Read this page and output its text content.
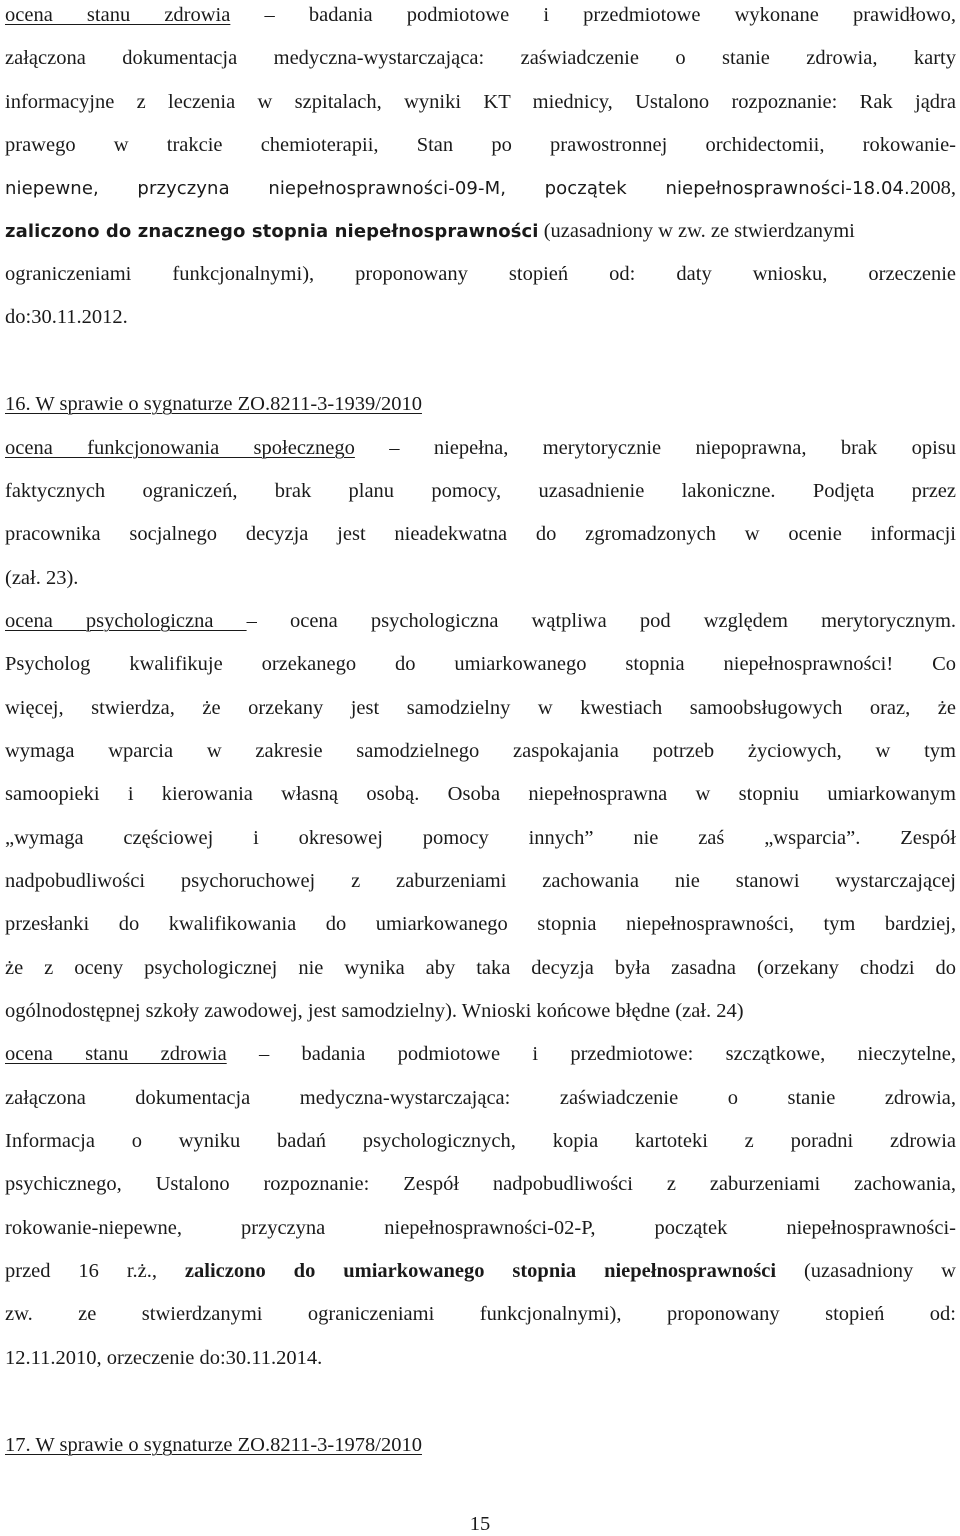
ocena stanu zdrowia – badania podmiotowe i przedmiotowe wykonane prawidłowo,
załączona dokumentacja medyczna-wystarczająca: zaświadczenie o stanie zdrowia, karty
informacyjne z leczenia w szpitalach, wyniki KT miednicy, Ustalono rozpoznanie: Rak jądra
prawego w trakcie chemioterapii, Stan po prawostronnej orchidectomii, rokowanie-
niepewne, przyczyna niepełnosprawności-09-M, początek niepełnosprawności-18.04.2008,
zaliczono do znacznego stopnia niepełnosprawności (uzasadniony w zw. ze stwierdzanymi
ograniczeniami funkcjonalnymi), proponowany stopień od: daty wniosku, orzeczenie
do:30.11.2012.
16. W sprawie o sygnaturze ZO.8211-3-1939/2010
ocena funkcjonowania społecznego – niepełna, merytorycznie niepoprawna, brak opisu
faktycznych ograniczeń, brak planu pomocy, uzasadnienie lakoniczne. Podjęta przez
pracownika socjalnego decyzja jest nieadekwatna do zgromadzonych w ocenie informacji
(zał. 23).
ocena psychologiczna – ocena psychologiczna wątpliwa pod względem merytorycznym.
Psycholog kwalifikuje orzekanego do umiarkowanego stopnia niepełnosprawności! Co
więcej, stwierdza, że orzekany jest samodzielny w kwestiach samoobsługowych oraz, że
wymaga wparcia w zakresie samodzielnego zaspokajania potrzeb życiowych, w tym
samoopieki i kierowania własną osobą. Osoba niepełnosprawna w stopniu umiarkowanym
„wymaga częściowej i okresowej pomocy innych” nie zaś „wsparcia”. Zespół
nadpobudliwości psychoruchowej z zaburzeniami zachowania nie stanowi wystarczającej
przesłanki do kwalifikowania do umiarkowanego stopnia niepełnosprawności, tym bardziej,
że z oceny psychologicznej nie wynika aby taka decyzja była zasadna (orzekany chodzi do
ogólnodostępnej szkoły zawodowej, jest samodzielny). Wnioski końcowe błędne (zał. 24)
ocena stanu zdrowia – badania podmiotowe i przedmiotowe: szczątkowe, nieczytelne,
załączona dokumentacja medyczna-wystarczająca: zaświadczenie o stanie zdrowia,
Informacja o wyniku badań psychologicznych, kopia kartoteki z poradni zdrowia
psychicznego, Ustalono rozpoznanie: Zespół nadpobudliwości z zaburzeniami zachowania,
rokowanie-niepewne, przyczyna niepełnosprawności-02-P, początek niepełnosprawności-
przed 16 r.ż., zaliczono do umiarkowanego stopnia niepełnosprawności (uzasadniony w
zw. ze stwierdzanymi ograniczeniami funkcjonalnymi), proponowany stopień od:
12.11.2010, orzeczenie do:30.11.2014.
17. W sprawie o sygnaturze ZO.8211-3-1978/2010
15
